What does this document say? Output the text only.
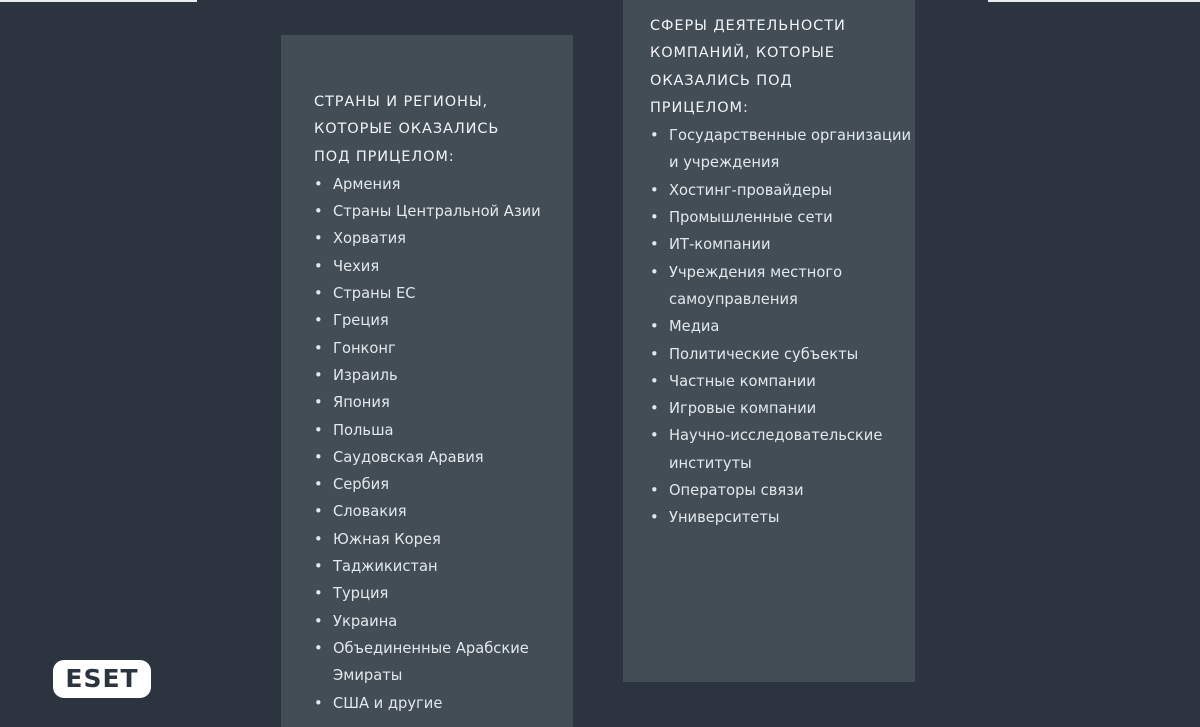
СТРАНЫ И РЕГИОНЫ, КОТОРЫЕ ОКАЗАЛИСЬ ПОД ПРИЦЕЛОМ:
• Армения
• Страны Центральной Азии
• Хорватия
• Чехия
• Страны ЕС
• Греция
• Гонконг
• Израиль
• Япония
• Польша
• Саудовская Аравия
• Сербия
• Словакия
• Южная Корея
• Таджикистан
• Турция
• Украина
• Объединенные Арабские Эмираты
• США и другие
СФЕРЫ ДЕЯТЕЛЬНОСТИ КОМПАНИЙ, КОТОРЫЕ ОКАЗАЛИСЬ ПОД ПРИЦЕЛОМ:
• Государственные организации и учреждения
• Хостинг-провайдеры
• Промышленные сети
• ИТ-компании
• Учреждения местного самоуправления
• Медиа
• Политические субъекты
• Частные компании
• Игровые компании
• Научно-исследовательские институты
• Операторы связи
• Университеты
ESET
